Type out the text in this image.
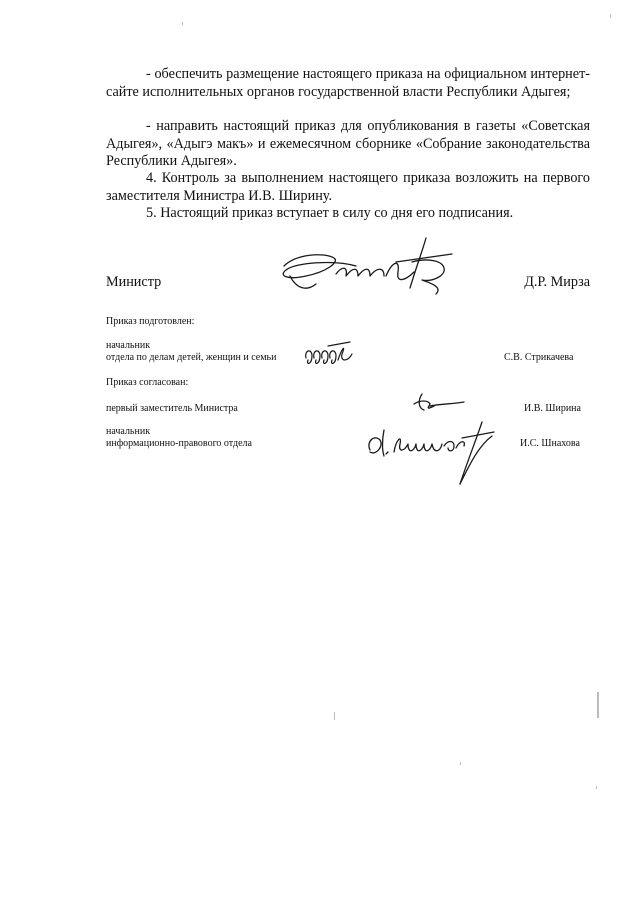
- обеспечить размещение настоящего приказа на официальном интернет-сайте исполнительных органов государственной власти Республики Адыгея;
- направить настоящий приказ для опубликования в газеты «Советская Адыгея», «Адыгэ макъ» и ежемесячном сборнике «Собрание законодательства Республики Адыгея».
4. Контроль за выполнением настоящего приказа возложить на первого заместителя Министра И.В. Ширину.
5. Настоящий приказ вступает в силу со дня его подписания.
Министр	Д.Р. Мирза
Приказ подготовлен:
начальник
отдела по делам детей, женщин и семьи	С.В. Стрикачева
Приказ согласован:
первый заместитель Министра	И.В. Ширина
начальник
информационно-правового отдела	И.С. Шнахова
